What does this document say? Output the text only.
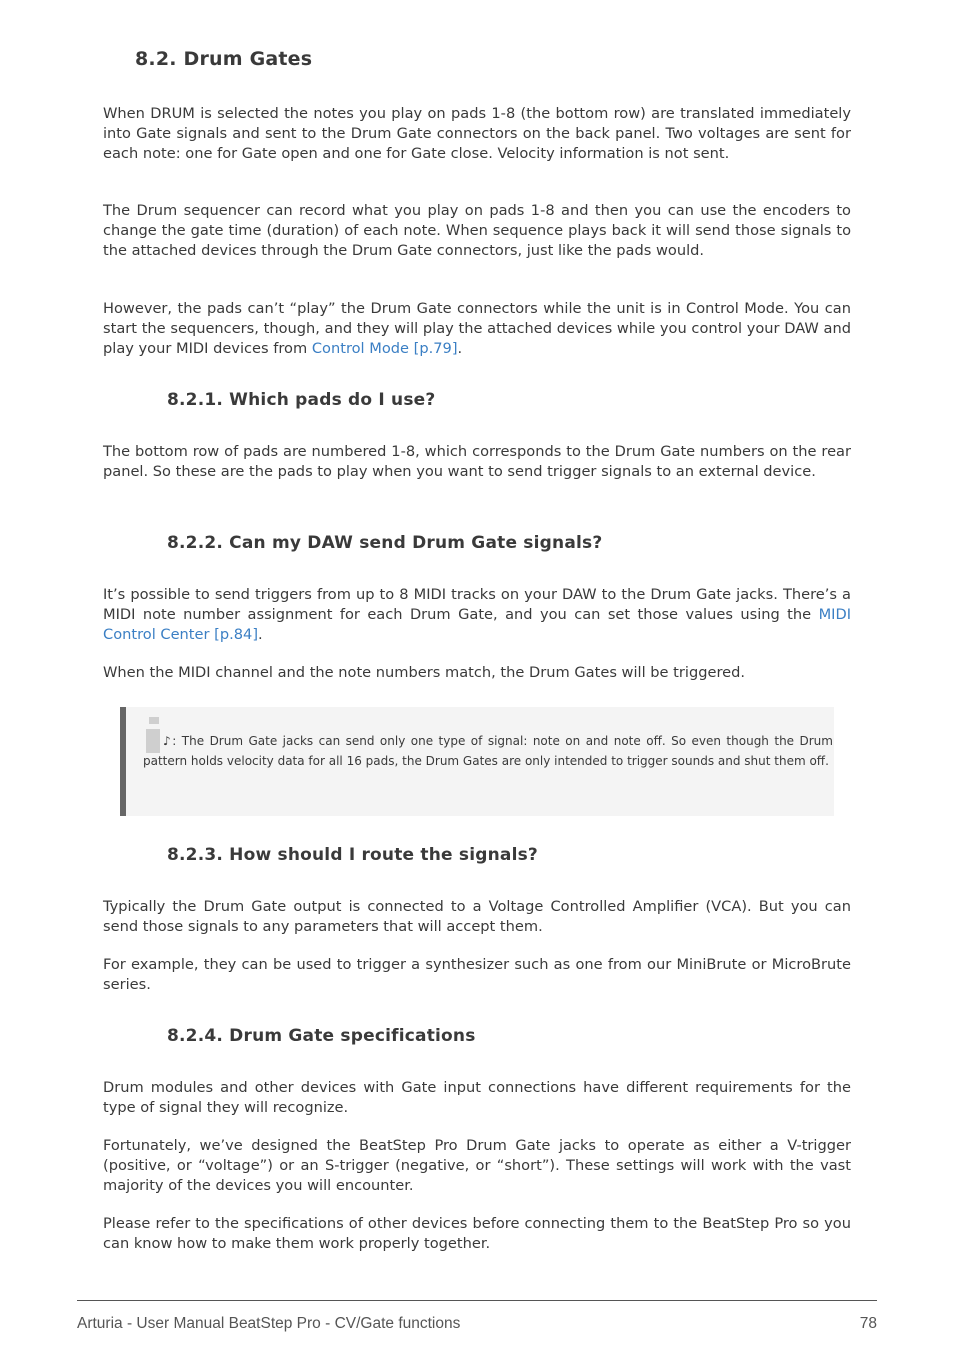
8.2. Drum Gates

When DRUM is selected the notes you play on pads 1-8 (the bottom row) are translated immediately into Gate signals and sent to the Drum Gate connectors on the back panel. Two voltages are sent for each note: one for Gate open and one for Gate close. Velocity information is not sent.

The Drum sequencer can record what you play on pads 1-8 and then you can use the encoders to change the gate time (duration) of each note. When sequence plays back it will send those signals to the attached devices through the Drum Gate connectors, just like the pads would.

However, the pads can’t “play” the Drum Gate connectors while the unit is in Control Mode. You can start the sequencers, though, and they will play the attached devices while you control your DAW and play your MIDI devices from Control Mode [p.79].

8.2.1. Which pads do I use?

The bottom row of pads are numbered 1-8, which corresponds to the Drum Gate numbers on the rear panel. So these are the pads to play when you want to send trigger signals to an external device.

8.2.2. Can my DAW send Drum Gate signals?

It’s possible to send triggers from up to 8 MIDI tracks on your DAW to the Drum Gate jacks. There’s a MIDI note number assignment for each Drum Gate, and you can set those values using the MIDI Control Center [p.84].

When the MIDI channel and the note numbers match, the Drum Gates will be triggered.

♪: The Drum Gate jacks can send only one type of signal: note on and note off. So even though the Drum pattern holds velocity data for all 16 pads, the Drum Gates are only intended to trigger sounds and shut them off.

8.2.3. How should I route the signals?

Typically the Drum Gate output is connected to a Voltage Controlled Amplifier (VCA). But you can send those signals to any parameters that will accept them.

For example, they can be used to trigger a synthesizer such as one from our MiniBrute or MicroBrute series.

8.2.4. Drum Gate specifications

Drum modules and other devices with Gate input connections have different requirements for the type of signal they will recognize.

Fortunately, we’ve designed the BeatStep Pro Drum Gate jacks to operate as either a V-trigger (positive, or “voltage”) or an S-trigger (negative, or “short”). These settings will work with the vast majority of the devices you will encounter.

Please refer to the specifications of other devices before connecting them to the BeatStep Pro so you can know how to make them work properly together.

Arturia - User Manual BeatStep Pro - CV/Gate functions	78
